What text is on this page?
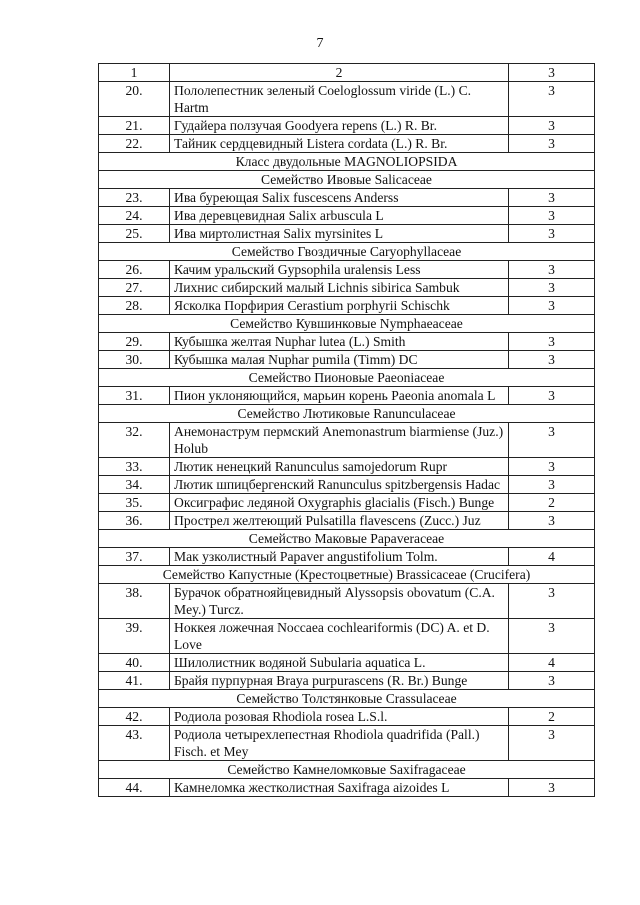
7
1	2	3
20.	Пололепестник зеленый Coeloglossum viride (L.) C. Hartm	3
21.	Гудайера ползучая Goodyera repens (L.) R. Br.	3
22.	Тайник сердцевидный Listera cordata (L.) R. Br.	3
Класс двудольные MAGNOLIOPSIDA		
Семейство Ивовые Salicaceae		
23.	Ива буреющая Salix fuscescens Anderss	3
24.	Ива деревцевидная Salix arbuscula L	3
25.	Ива миртолистная Salix myrsinites L	3
Семейство Гвоздичные Caryophyllaceae		
26.	Качим уральский Gypsophila uralensis Less	3
27.	Лихнис сибирский малый Lichnis sibirica Sambuk	3
28.	Ясколка Порфирия Cerastium porphyrii Schischk	3
Семейство Кувшинковые Nymphaeaceae		
29.	Кубышка желтая Nuphar lutea (L.) Smith	3
30.	Кубышка малая Nuphar pumila (Timm) DC	3
Семейство Пионовые Paeoniaceae		
31.	Пион уклоняющийся, марьин корень Paeonia anomala L	3
Семейство Лютиковые Ranunculaceae		
32.	Анемонаструм пермский Anemonastrum biarmiense (Juz.) Holub	3
33.	Лютик ненецкий Ranunculus samojedorum Rupr	3
34.	Лютик шпицбергенский Ranunculus spitzbergensis Hadac	3
35.	Оксиграфис ледяной Oxygraphis glacialis (Fisch.) Bunge	2
36.	Прострел желтеющий Pulsatilla flavescens (Zucc.) Juz	3
Семейство Маковые Papaveraceae		
37.	Мак узколистный Papaver angustifolium Tolm.	4
Семейство Капустные (Крестоцветные) Brassicaceae (Crucifera)		
38.	Бурачок обратнояйцевидный Alyssopsis obovatum (C.A. Mey.) Turcz.	3
39.	Ноккея ложечная Noccaea cochleariformis (DC) A. et D. Love	3
40.	Шилолистник водяной Subularia aquatica L.	4
41.	Брайя пурпурная Braya purpurascens (R. Br.) Bunge	3
Семейство Толстянковые Crassulaceae		
42.	Родиола розовая Rhodiola rosea L.S.l.	2
43.	Родиола четырехлепестная Rhodiola quadrifida (Pall.) Fisch. et Mey	3
Семейство Камнеломковые Saxifragaceae		
44.	Камнеломка жестколистная Saxifraga aizoides L	3
